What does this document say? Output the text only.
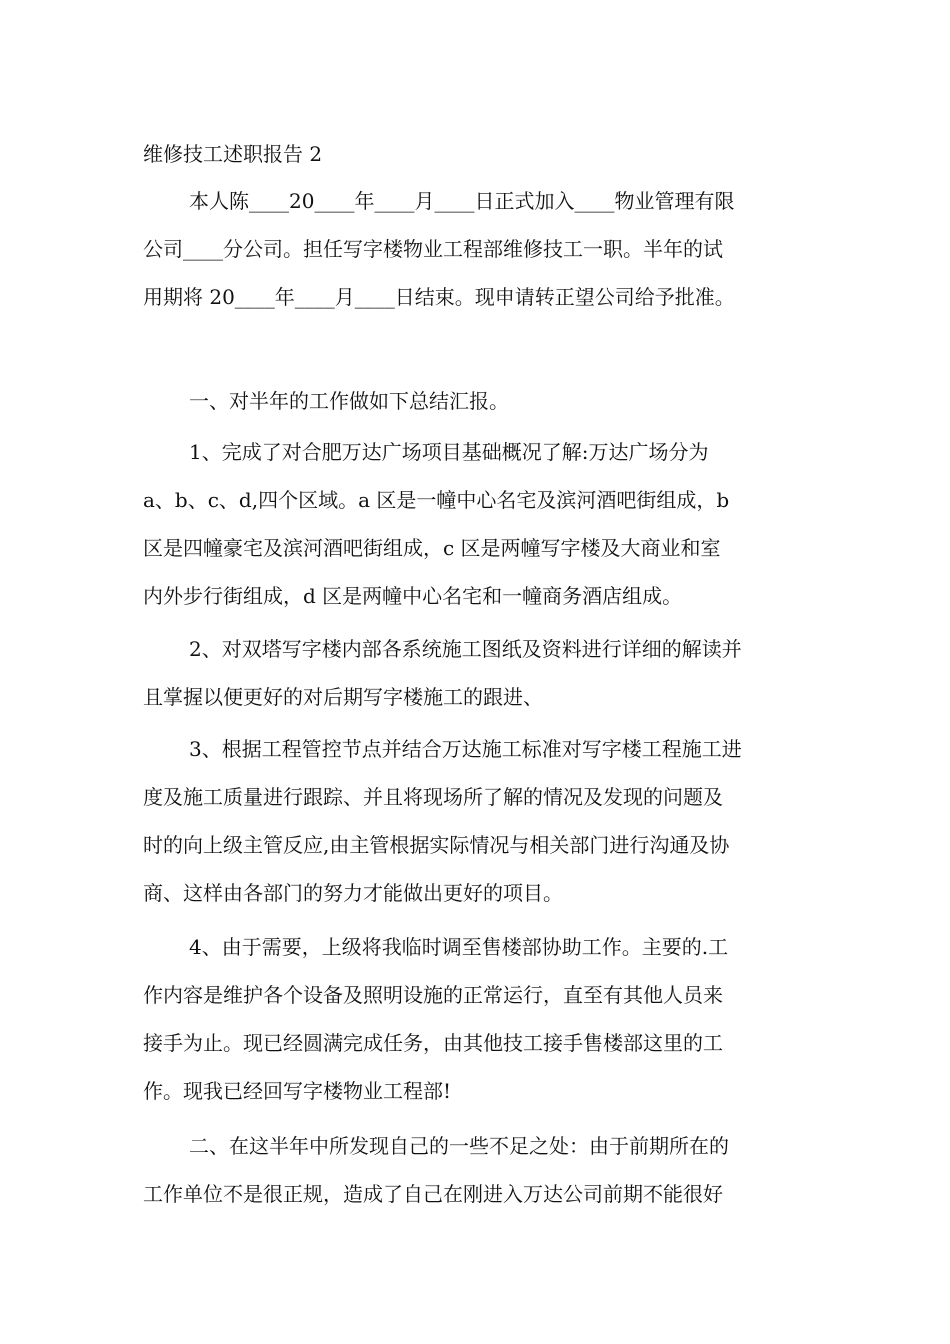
维修技工述职报告 2
本人陈____20____年____月____日正式加入____物业管理有限
公司____分公司。担任写字楼物业工程部维修技工一职。半年的试
用期将 20____年____月____日结束。现申请转正望公司给予批准。
一、对半年的工作做如下总结汇报。
1、完成了对合肥万达广场项目基础概况了解:万达广场分为
a、b、c、d,四个区域。a 区是一幢中心名宅及滨河酒吧街组成，b
区是四幢豪宅及滨河酒吧街组成，c 区是两幢写字楼及大商业和室
内外步行街组成，d 区是两幢中心名宅和一幢商务酒店组成。
2、对双塔写字楼内部各系统施工图纸及资料进行详细的解读并
且掌握以便更好的对后期写字楼施工的跟进、
3、根据工程管控节点并结合万达施工标准对写字楼工程施工进
度及施工质量进行跟踪、并且将现场所了解的情况及发现的问题及
时的向上级主管反应,由主管根据实际情况与相关部门进行沟通及协
商、这样由各部门的努力才能做出更好的项目。
4、由于需要，上级将我临时调至售楼部协助工作。主要的.工
作内容是维护各个设备及照明设施的正常运行，直至有其他人员来
接手为止。现已经圆满完成任务，由其他技工接手售楼部这里的工
作。现我已经回写字楼物业工程部!
二、在这半年中所发现自己的一些不足之处：由于前期所在的
工作单位不是很正规，造成了自己在刚进入万达公司前期不能很好
